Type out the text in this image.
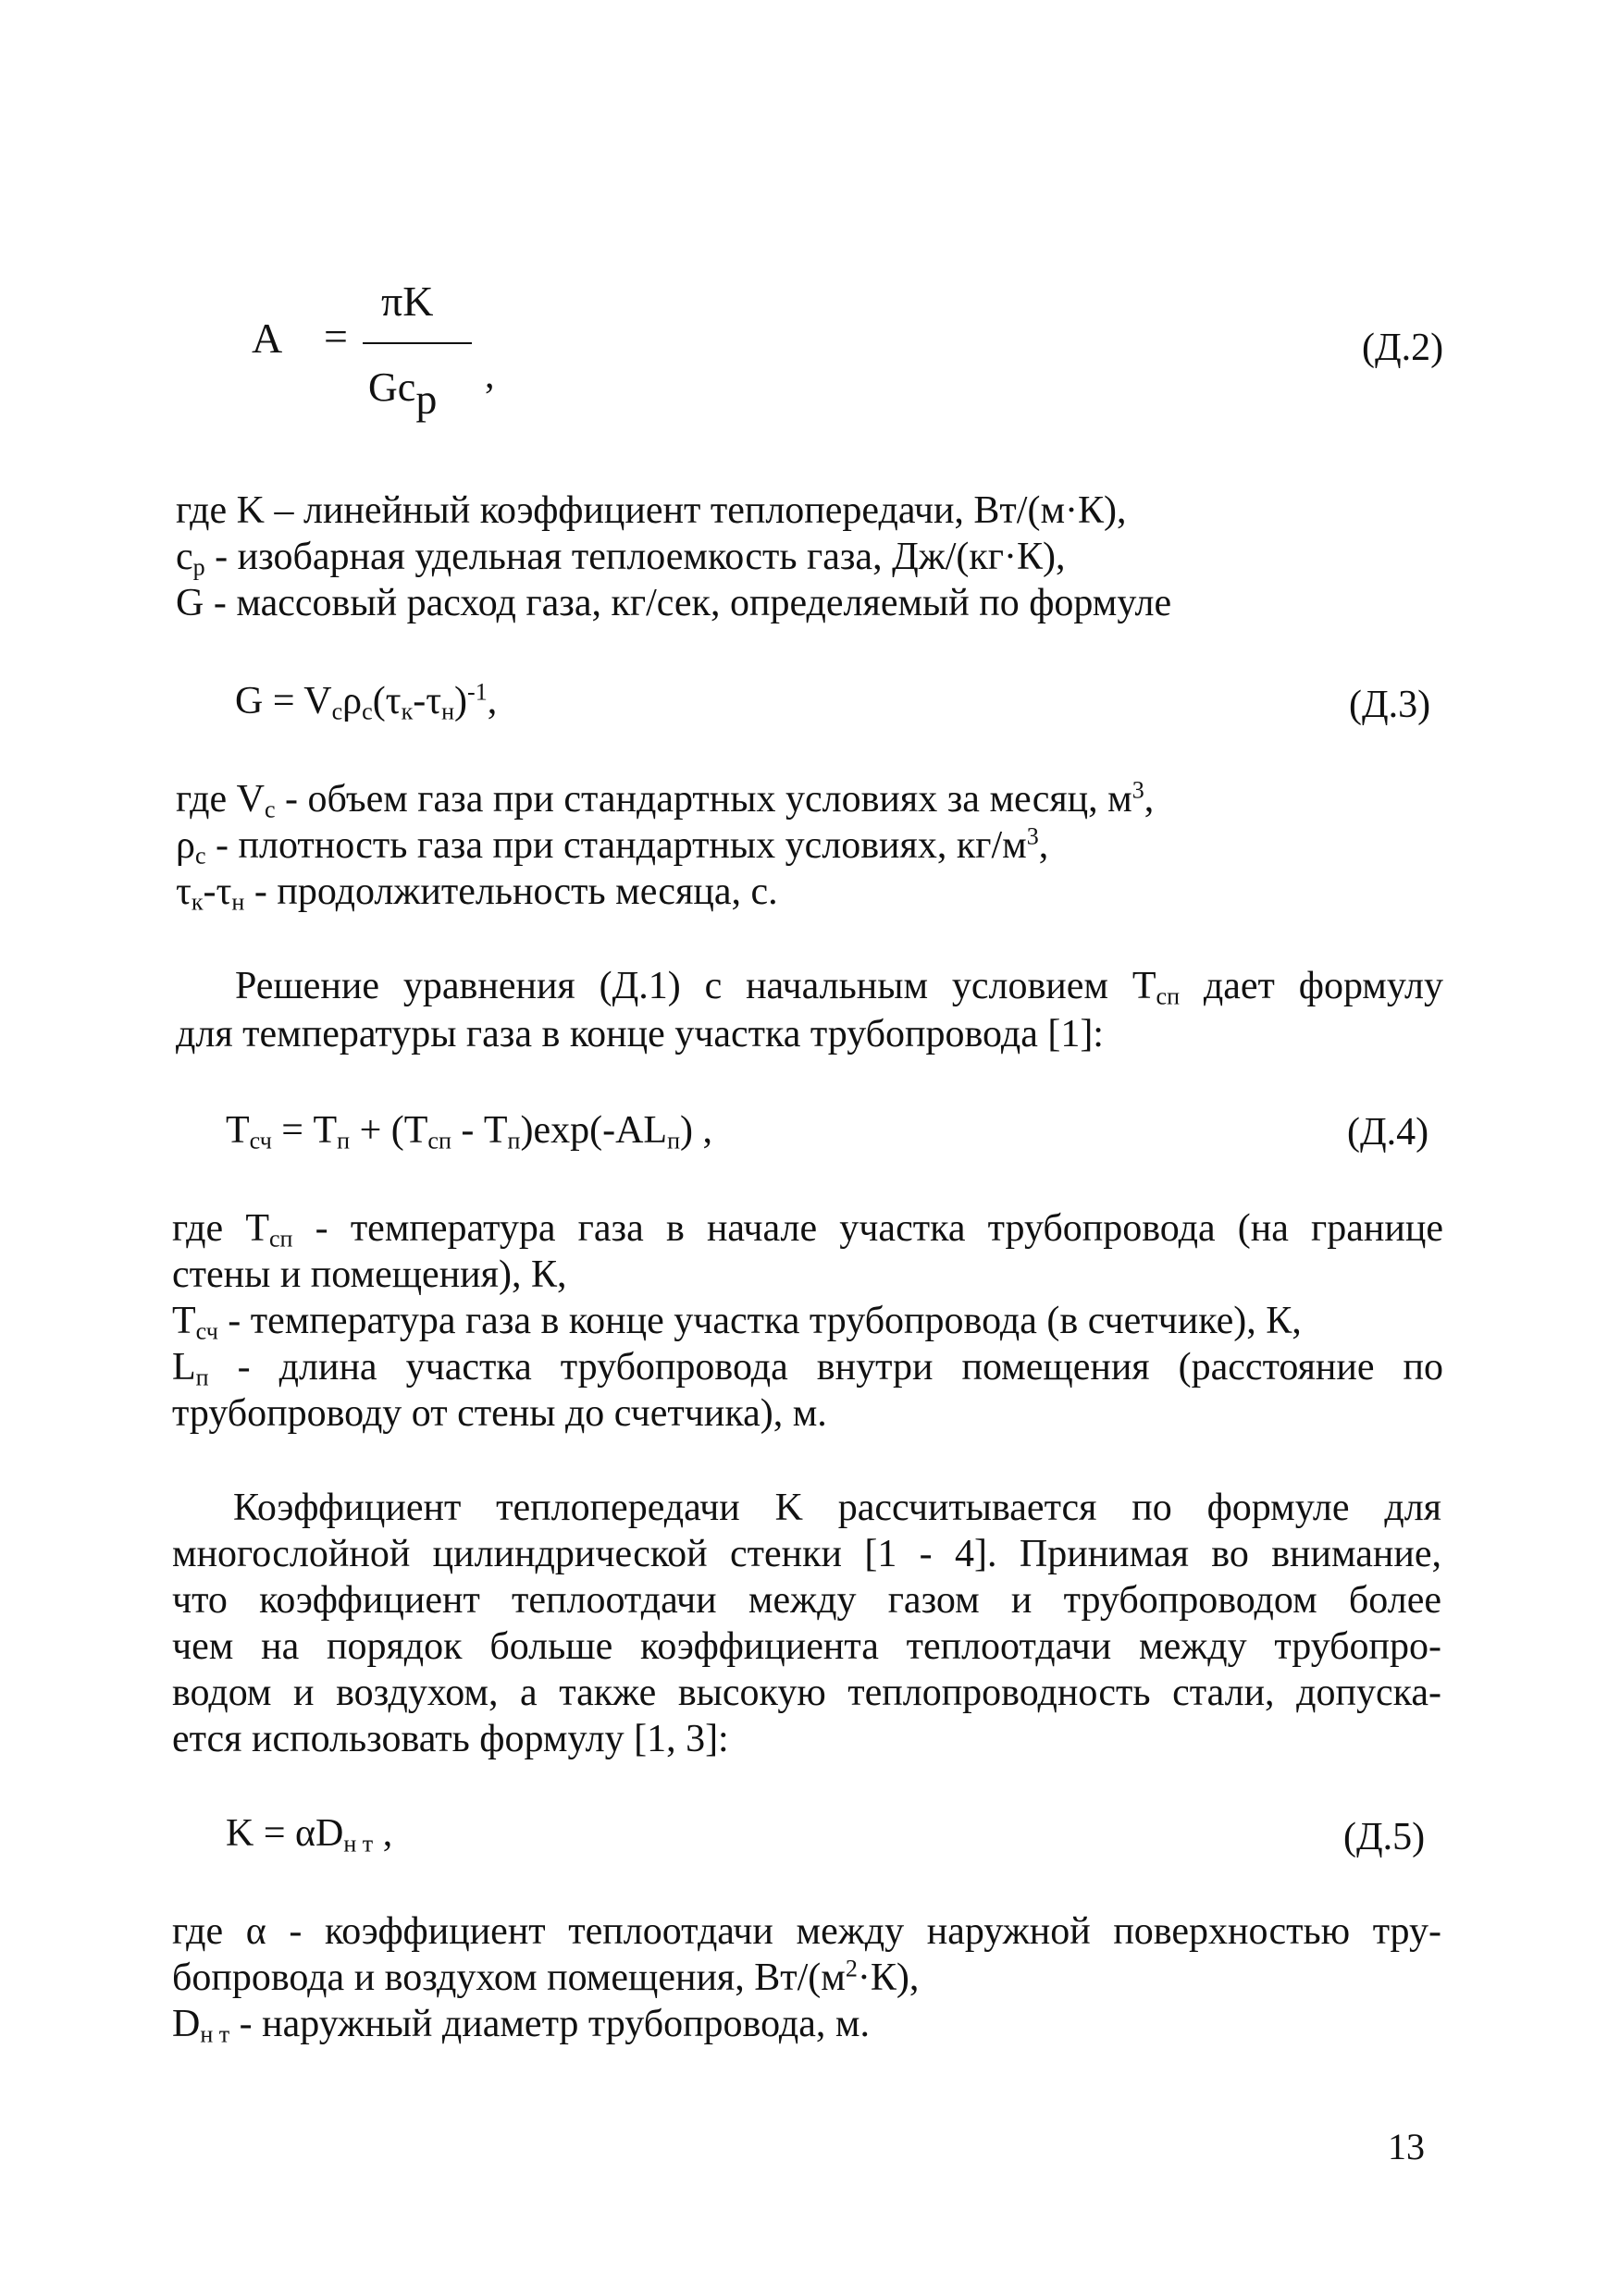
A =
πK
Gcp ,
(Д.2)
где K – линейный коэффициент теплопередачи, Вт/(м·К),
$c_p$ - изобарная удельная теплоемкость газа, Дж/(кг·К),
G - массовый расход газа, кг/сек, определяемый по формуле
$G = V_c\rho_c(\tau_к-\tau_н)^{-1}$,	(Д.3)
где $V_c$ - объем газа при стандартных условиях за месяц, $м^3$,
$\rho_c$ - плотность газа при стандартных условиях, $кг/м^3$,
$\tau_к-\tau_н$ - продолжительность месяца, с.
Решение уравнения (Д.1) с начальным условием $T_{сп}$ дает формулу
для температуры газа в конце участка трубопровода [1]:
$T_{сч} = T_п + (T_{сп} - T_п)\exp(-AL_п)$ ,	(Д.4)
где $T_{сп}$ - температура газа в начале участка трубопровода (на границе
стены и помещения), К,
$T_{сч}$ - температура газа в конце участка трубопровода (в счетчике), К,
$L_п$ - длина участка трубопровода внутри помещения (расстояние по
трубопроводу от стены до счетчика), м.
Коэффициент теплопередачи K рассчитывается по формуле для
многослойной цилиндрической стенки [1 - 4]. Принимая во внимание,
что коэффициент теплоотдачи между газом и трубопроводом более
чем на порядок больше коэффициента теплоотдачи между трубопро-
водом и воздухом, а также высокую теплопроводность стали, допуска-
ется использовать формулу [1, 3]:
$K = \alpha D_{н т}$ ,	(Д.5)
где α - коэффициент теплоотдачи между наружной поверхностью тру-
бопровода и воздухом помещения, $Вт/(м^2\cdot К)$,
$D_{н т}$ - наружный диаметр трубопровода, м.
13
